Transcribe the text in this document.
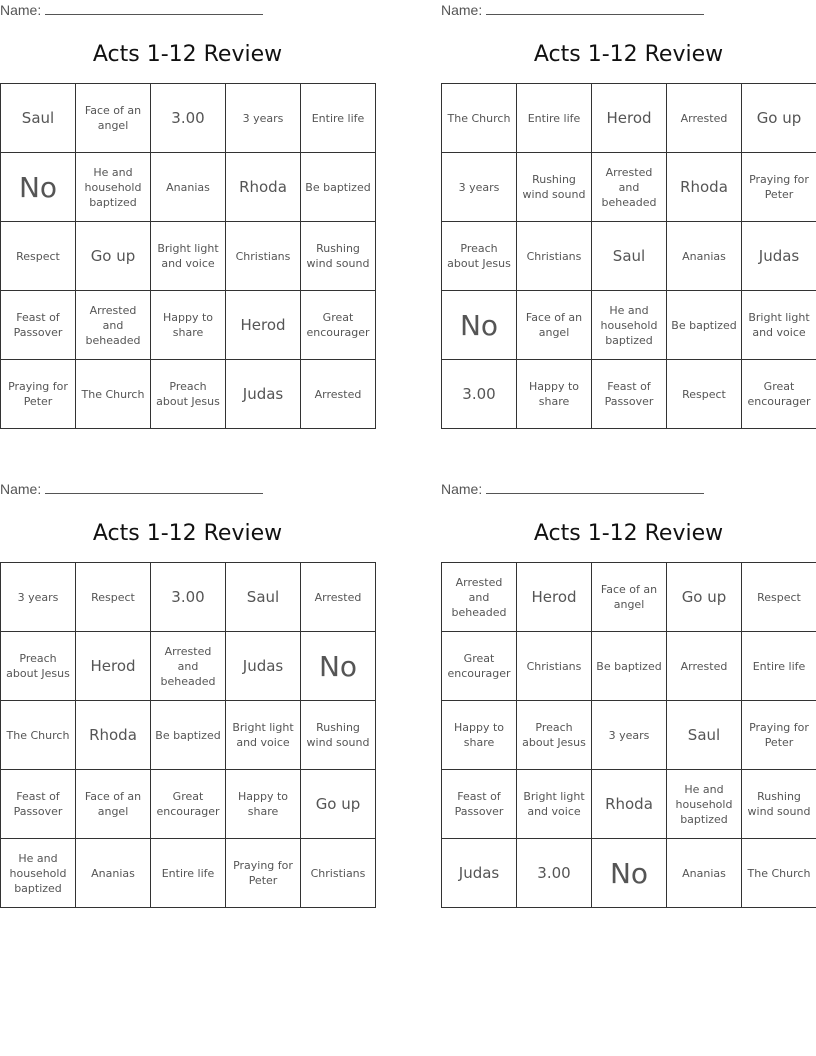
Name:
Acts 1-12 Review
Saul	Face of an angel	3.00	3 years	Entire life
No	He and household baptized	Ananias	Rhoda	Be baptized
Respect	Go up	Bright light and voice	Christians	Rushing wind sound
Feast of Passover	Arrested and beheaded	Happy to share	Herod	Great encourager
Praying for Peter	The Church	Preach about Jesus	Judas	Arrested
Name:
Acts 1-12 Review
The Church	Entire life	Herod	Arrested	Go up
3 years	Rushing wind sound	Arrested and beheaded	Rhoda	Praying for Peter
Preach about Jesus	Christians	Saul	Ananias	Judas
No	Face of an angel	He and household baptized	Be baptized	Bright light and voice
3.00	Happy to share	Feast of Passover	Respect	Great encourager
Name:
Acts 1-12 Review
3 years	Respect	3.00	Saul	Arrested
Preach about Jesus	Herod	Arrested and beheaded	Judas	No
The Church	Rhoda	Be baptized	Bright light and voice	Rushing wind sound
Feast of Passover	Face of an angel	Great encourager	Happy to share	Go up
He and household baptized	Ananias	Entire life	Praying for Peter	Christians
Name:
Acts 1-12 Review
Arrested and beheaded	Herod	Face of an angel	Go up	Respect
Great encourager	Christians	Be baptized	Arrested	Entire life
Happy to share	Preach about Jesus	3 years	Saul	Praying for Peter
Feast of Passover	Bright light and voice	Rhoda	He and household baptized	Rushing wind sound
Judas	3.00	No	Ananias	The Church
